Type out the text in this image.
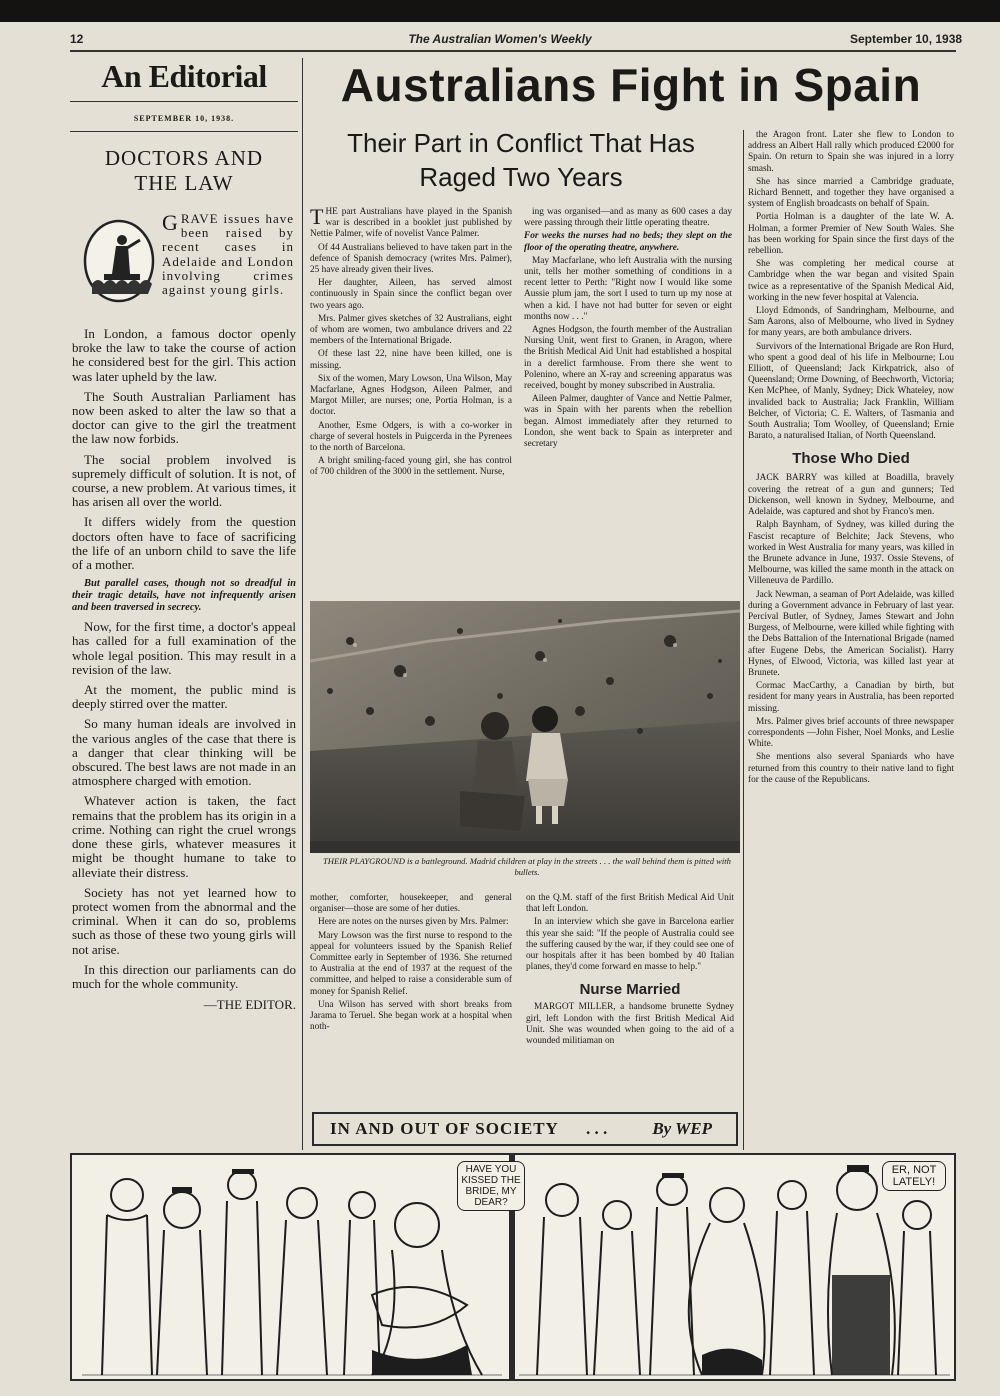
12	The Australian Women's Weekly	September 10, 1938
An Editorial
SEPTEMBER 10, 1938.
DOCTORS AND
THE LAW
GRAVE issues have been raised by recent cases in Adelaide and London involving crimes against young girls.

In London, a famous doctor openly broke the law to take the course of action he considered best for the girl. This action was later upheld by the law.

The South Australian Parliament has now been asked to alter the law so that a doctor can give to the girl the treatment the law now forbids.

The social problem involved is supremely difficult of solution. It is not, of course, a new problem. At various times, it has arisen all over the world.

It differs widely from the question doctors often have to face of sacrificing the life of an unborn child to save the life of a mother.

But parallel cases, though not so dreadful in their tragic details, have not infrequently arisen and been traversed in secrecy.

Now, for the first time, a doctor's appeal has called for a full examination of the whole legal position. This may result in a revision of the law.

At the moment, the public mind is deeply stirred over the matter.

So many human ideals are involved in the various angles of the case that there is a danger that clear thinking will be obscured. The best laws are not made in an atmosphere charged with emotion.

Whatever action is taken, the fact remains that the problem has its origin in a crime. Nothing can right the cruel wrongs done these girls, whatever measures it might be thought humane to take to alleviate their distress.

Society has not yet learned how to protect women from the abnormal and the criminal. When it can do so, problems such as those of these two young girls will not arise.

In this direction our parliaments can do much for the whole community.

—THE EDITOR.
Australians Fight in Spain
Their Part in Conflict That Has
Raged Two Years

THE part Australians have played in the Spanish war is described in a booklet just published by Nettie Palmer, wife of novelist Vance Palmer.

Of 44 Australians believed to have taken part in the defence of Spanish democracy (writes Mrs. Palmer), 25 have already given their lives.

Her daughter, Aileen, has served almost continuously in Spain since the conflict began over two years ago.

Mrs. Palmer gives sketches of 32 Australians, eight of whom are women, two ambulance drivers and 22 members of the International Brigade.

Of these last 22, nine have been killed, one is missing.

Six of the women, Mary Lowson, Una Wilson, May Macfarlane, Agnes Hodgson, Aileen Palmer, and Margot Miller, are nurses; one, Portia Holman, is a doctor.

Another, Esme Odgers, is with a co-worker in charge of several hostels in Puigcerda in the Pyrenees to the north of Barcelona.

A bright smiling-faced young girl, she has control of 700 children of the 3000 in the settlement. Nurse,

ing was organised—and as many as 600 cases a day were passing through their little operating theatre.

For weeks the nurses had no beds; they slept on the floor of the operating theatre, anywhere.

May Macfarlane, who left Australia with the nursing unit, tells her mother something of conditions in a recent letter to Perth: "Right now I would like some Aussie plum jam, the sort I used to turn up my nose at when a kid. I have not had butter for seven or eight months now . . ."

Agnes Hodgson, the fourth member of the Australian Nursing Unit, went first to Granen, in Aragon, where the British Medical Aid Unit had established a hospital in a derelict farmhouse. From there she went to Polenino, where an X-ray and screening apparatus was received, bought by money subscribed in Australia.

Aileen Palmer, daughter of Vance and Nettie Palmer, was in Spain with her parents when the rebellion began. Almost immediately after they returned to London, she went back to Spain as interpreter and secretary

the Aragon front. Later she flew to London to address an Albert Hall rally which produced £2000 for Spain. On return to Spain she was injured in a lorry smash.

She has since married a Cambridge graduate, Richard Bennett, and together they have organised a system of English broadcasts on behalf of Spain.

Portia Holman is a daughter of the late W. A. Holman, a former Premier of New South Wales. She has been working for Spain since the first days of the rebellion.

She was completing her medical course at Cambridge when the war began and visited Spain twice as a representative of the Spanish Medical Aid, working in the new fever hospital at Valencia.

Lloyd Edmonds, of Sandringham, Melbourne, and Sam Aarons, also of Melbourne, who lived in Sydney for many years, are both ambulance drivers.

Survivors of the International Brigade are Ron Hurd, who spent a good deal of his life in Melbourne; Lou Elliott, of Queensland; Jack Kirkpatrick, also of Queensland; Orme Downing, of Beechworth, Victoria; Ken McPhee, of Manly, Sydney; Dick Whateley, now invalided back to Australia; Jack Franklin, William Belcher, of Victoria; C. E. Walters, of Tasmania and South Australia; Tom Woolley, of Queensland; Ernie Barato, a naturalised Italian, of North Queensland.

Those Who Died

JACK BARRY was killed at Boadilla, bravely covering the retreat of a gun and gunners; Ted Dickenson, well known in Sydney, Melbourne, and Adelaide, was captured and shot by Franco's men.

Ralph Baynham, of Sydney, was killed during the Fascist recapture of Belchite; Jack Stevens, who worked in West Australia for many years, was killed in the Brunete advance in June, 1937. Ossie Stevens, of Melbourne, was killed the same month in the attack on Villeneuva de Pardillo.

Jack Newman, a seaman of Port Adelaide, was killed during a Government advance in February of last year. Percival Butler, of Sydney, James Stewart and John Burgess, of Melbourne, were killed while fighting with the Debs Battalion of the International Brigade (named after Eugene Debs, the American Socialist). Harry Hynes, of Elwood, Victoria, was killed last year at Brunete.

Cormac MacCarthy, a Canadian by birth, but resident for many years in Australia, has been reported missing.

Mrs. Palmer gives brief accounts of three newspaper correspondents —John Fisher, Noel Monks, and Leslie White.

She mentions also several Spaniards who have returned from this country to their native land to fight for the cause of the Republicans.

THEIR PLAYGROUND is a battleground. Madrid children at play in the streets . . . the wall behind them is pitted with bullets.

mother, comforter, housekeeper, and general organiser—those are some of her duties.

Here are notes on the nurses given by Mrs. Palmer:

Mary Lowson was the first nurse to respond to the appeal for volunteers issued by the Spanish Relief Committee early in September of 1936. She returned to Australia at the end of 1937 at the request of the committee, and helped to raise a considerable sum of money for Spanish Relief.

Una Wilson has served with short breaks from Jarama to Teruel. She began work at a hospital when noth-

on the Q.M. staff of the first British Medical Aid Unit that left London.

In an interview which she gave in Barcelona earlier this year she said: "If the people of Australia could see the suffering caused by the war, if they could see one of our hospitals after it has been bombed by 40 Italian planes, they'd come forward en masse to help."

Nurse Married

MARGOT MILLER, a handsome brunette Sydney girl, left London with the first British Medical Aid Unit. She was wounded when going to the aid of a wounded militiaman on

IN AND OUT OF SOCIETY . . .	By WEP
HAVE YOU KISSED THE BRIDE, MY DEAR?
ER, NOT LATELY!
